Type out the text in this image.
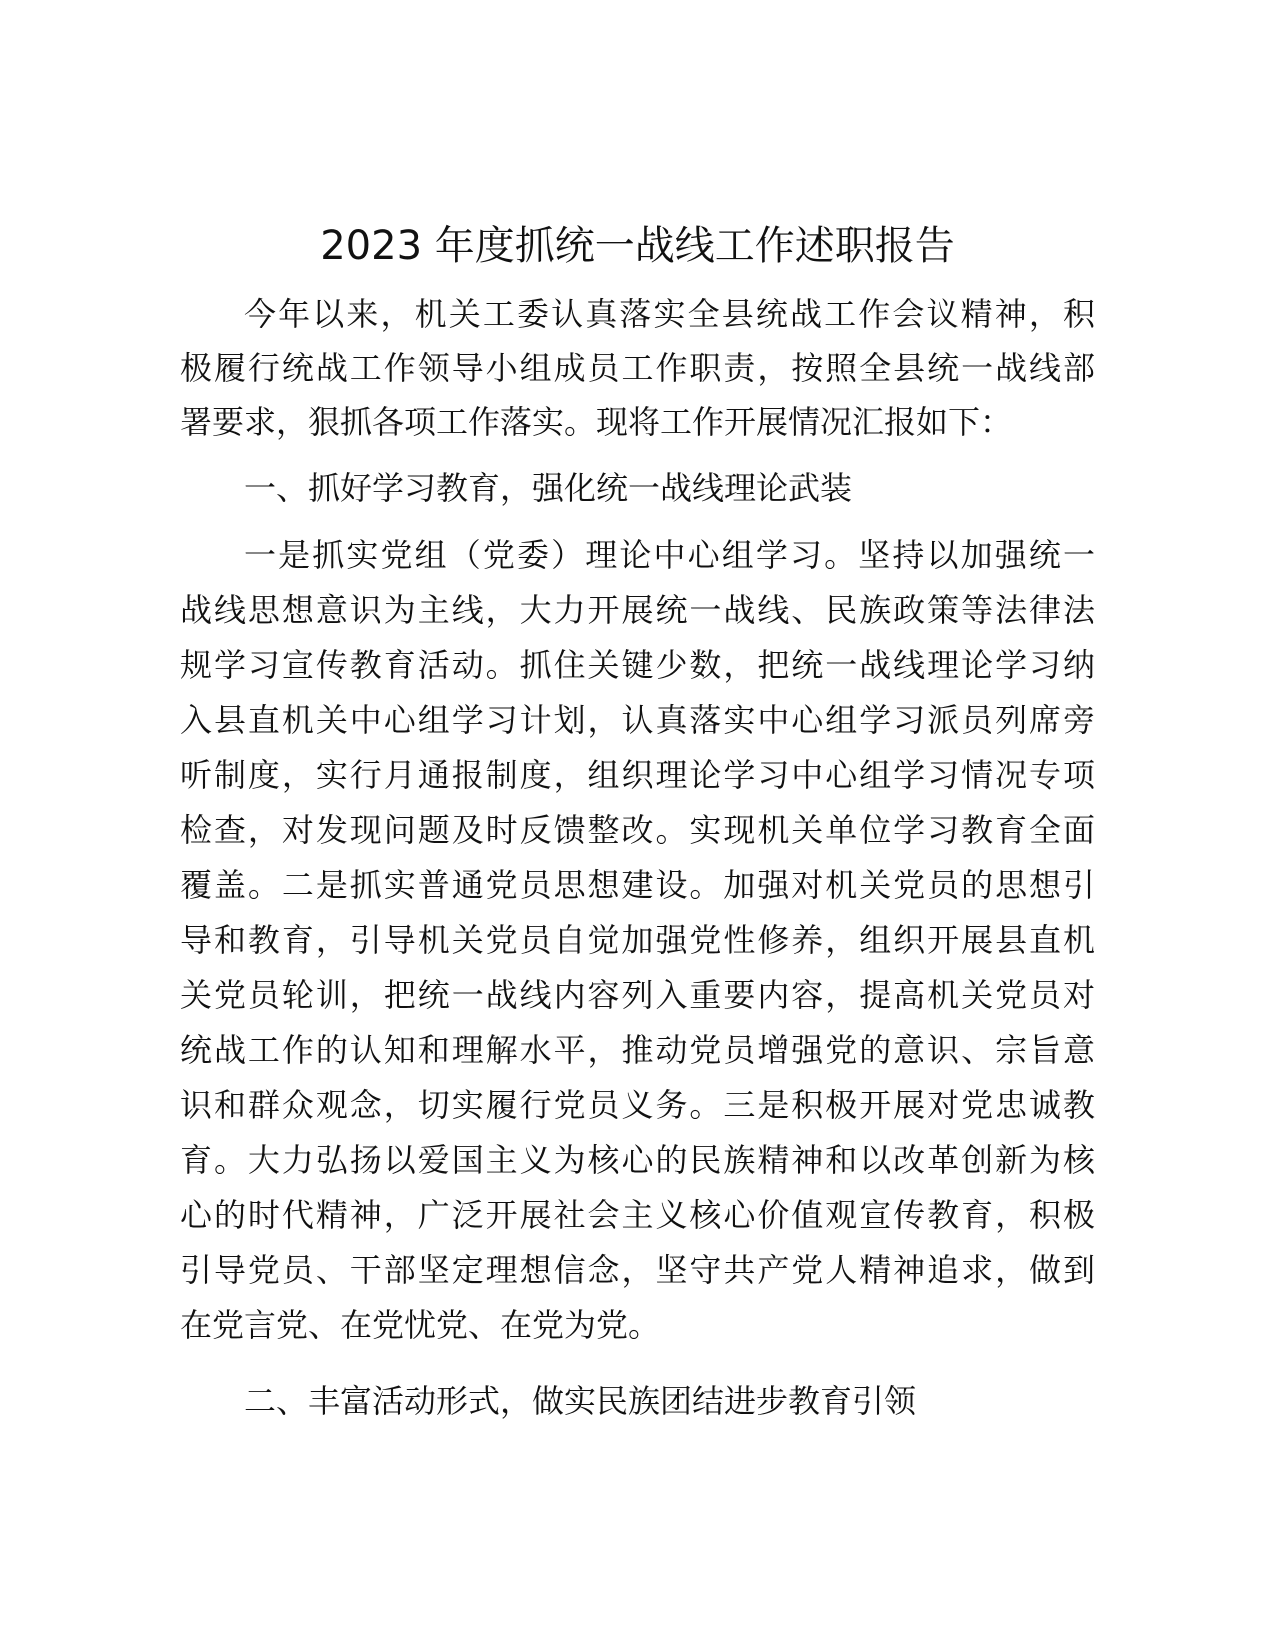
2023 年度抓统一战线工作述职报告
今年以来，机关工委认真落实全县统战工作会议精神，积
极履行统战工作领导小组成员工作职责，按照全县统一战线部
署要求，狠抓各项工作落实。现将工作开展情况汇报如下：
一、抓好学习教育，强化统一战线理论武装
一是抓实党组（党委）理论中心组学习。坚持以加强统一
战线思想意识为主线，大力开展统一战线、民族政策等法律法
规学习宣传教育活动。抓住关键少数，把统一战线理论学习纳
入县直机关中心组学习计划，认真落实中心组学习派员列席旁
听制度，实行月通报制度，组织理论学习中心组学习情况专项
检查，对发现问题及时反馈整改。实现机关单位学习教育全面
覆盖。二是抓实普通党员思想建设。加强对机关党员的思想引
导和教育，引导机关党员自觉加强党性修养，组织开展县直机
关党员轮训，把统一战线内容列入重要内容，提高机关党员对
统战工作的认知和理解水平，推动党员增强党的意识、宗旨意
识和群众观念，切实履行党员义务。三是积极开展对党忠诚教
育。大力弘扬以爱国主义为核心的民族精神和以改革创新为核
心的时代精神，广泛开展社会主义核心价值观宣传教育，积极
引导党员、干部坚定理想信念，坚守共产党人精神追求，做到
在党言党、在党忧党、在党为党。
二、丰富活动形式，做实民族团结进步教育引领
